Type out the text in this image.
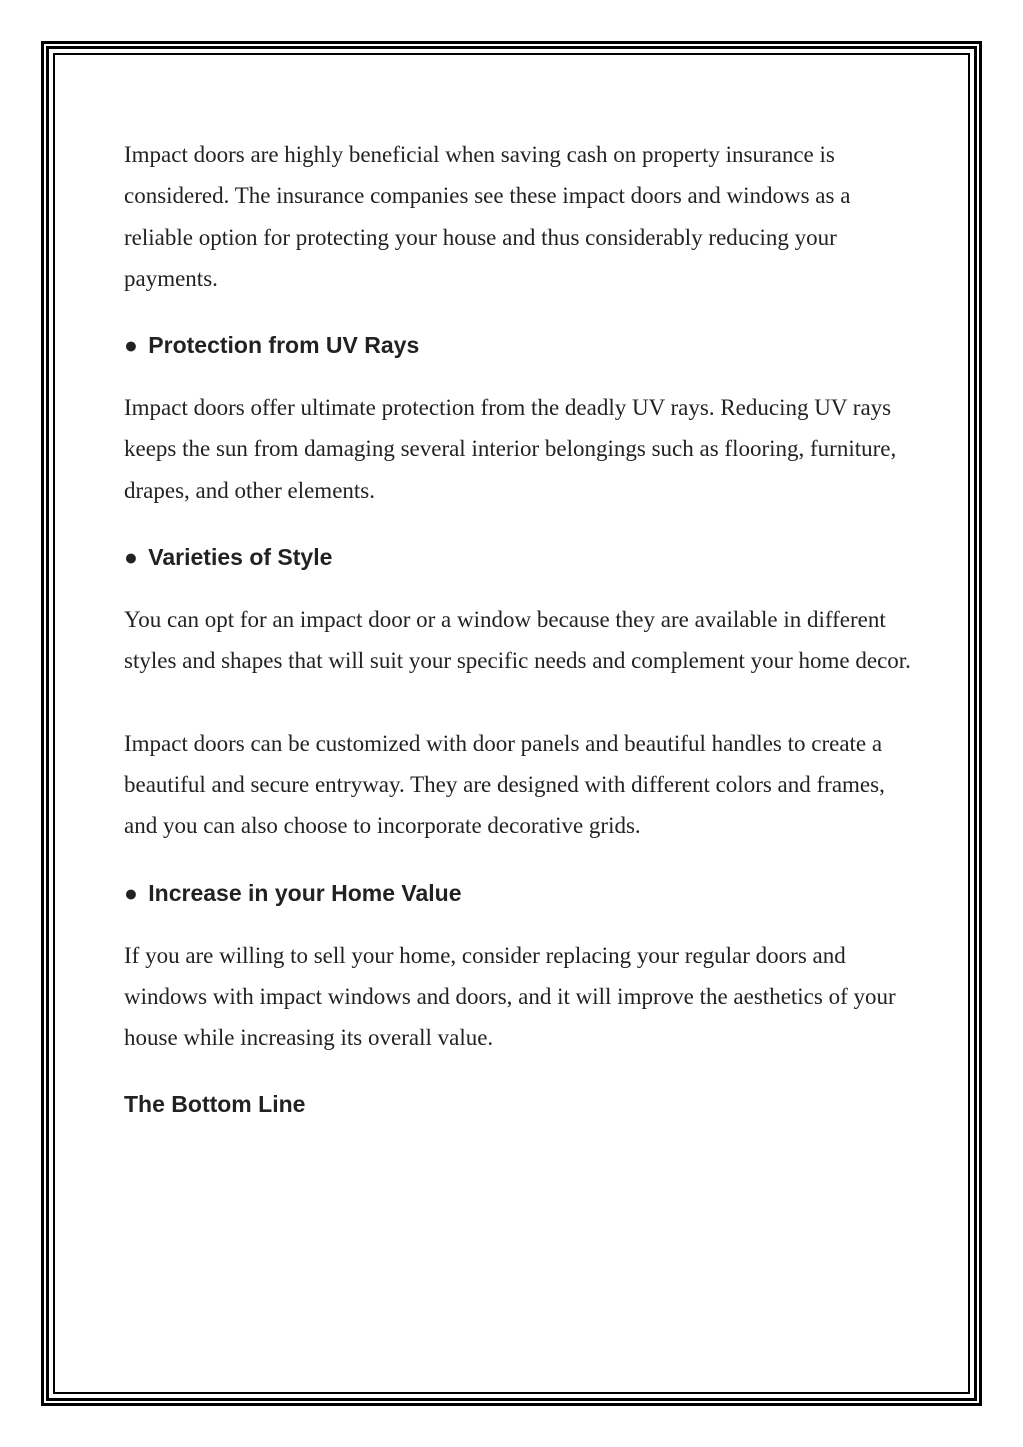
Impact doors are highly beneficial when saving cash on property insurance is considered. The insurance companies see these impact doors and windows as a reliable option for protecting your house and thus considerably reducing your payments.

● Protection from UV Rays

Impact doors offer ultimate protection from the deadly UV rays. Reducing UV rays keeps the sun from damaging several interior belongings such as flooring, furniture, drapes, and other elements.

● Varieties of Style

You can opt for an impact door or a window because they are available in different styles and shapes that will suit your specific needs and complement your home decor.

Impact doors can be customized with door panels and beautiful handles to create a beautiful and secure entryway. They are designed with different colors and frames, and you can also choose to incorporate decorative grids.

● Increase in your Home Value

If you are willing to sell your home, consider replacing your regular doors and windows with impact windows and doors, and it will improve the aesthetics of your house while increasing its overall value.

The Bottom Line
